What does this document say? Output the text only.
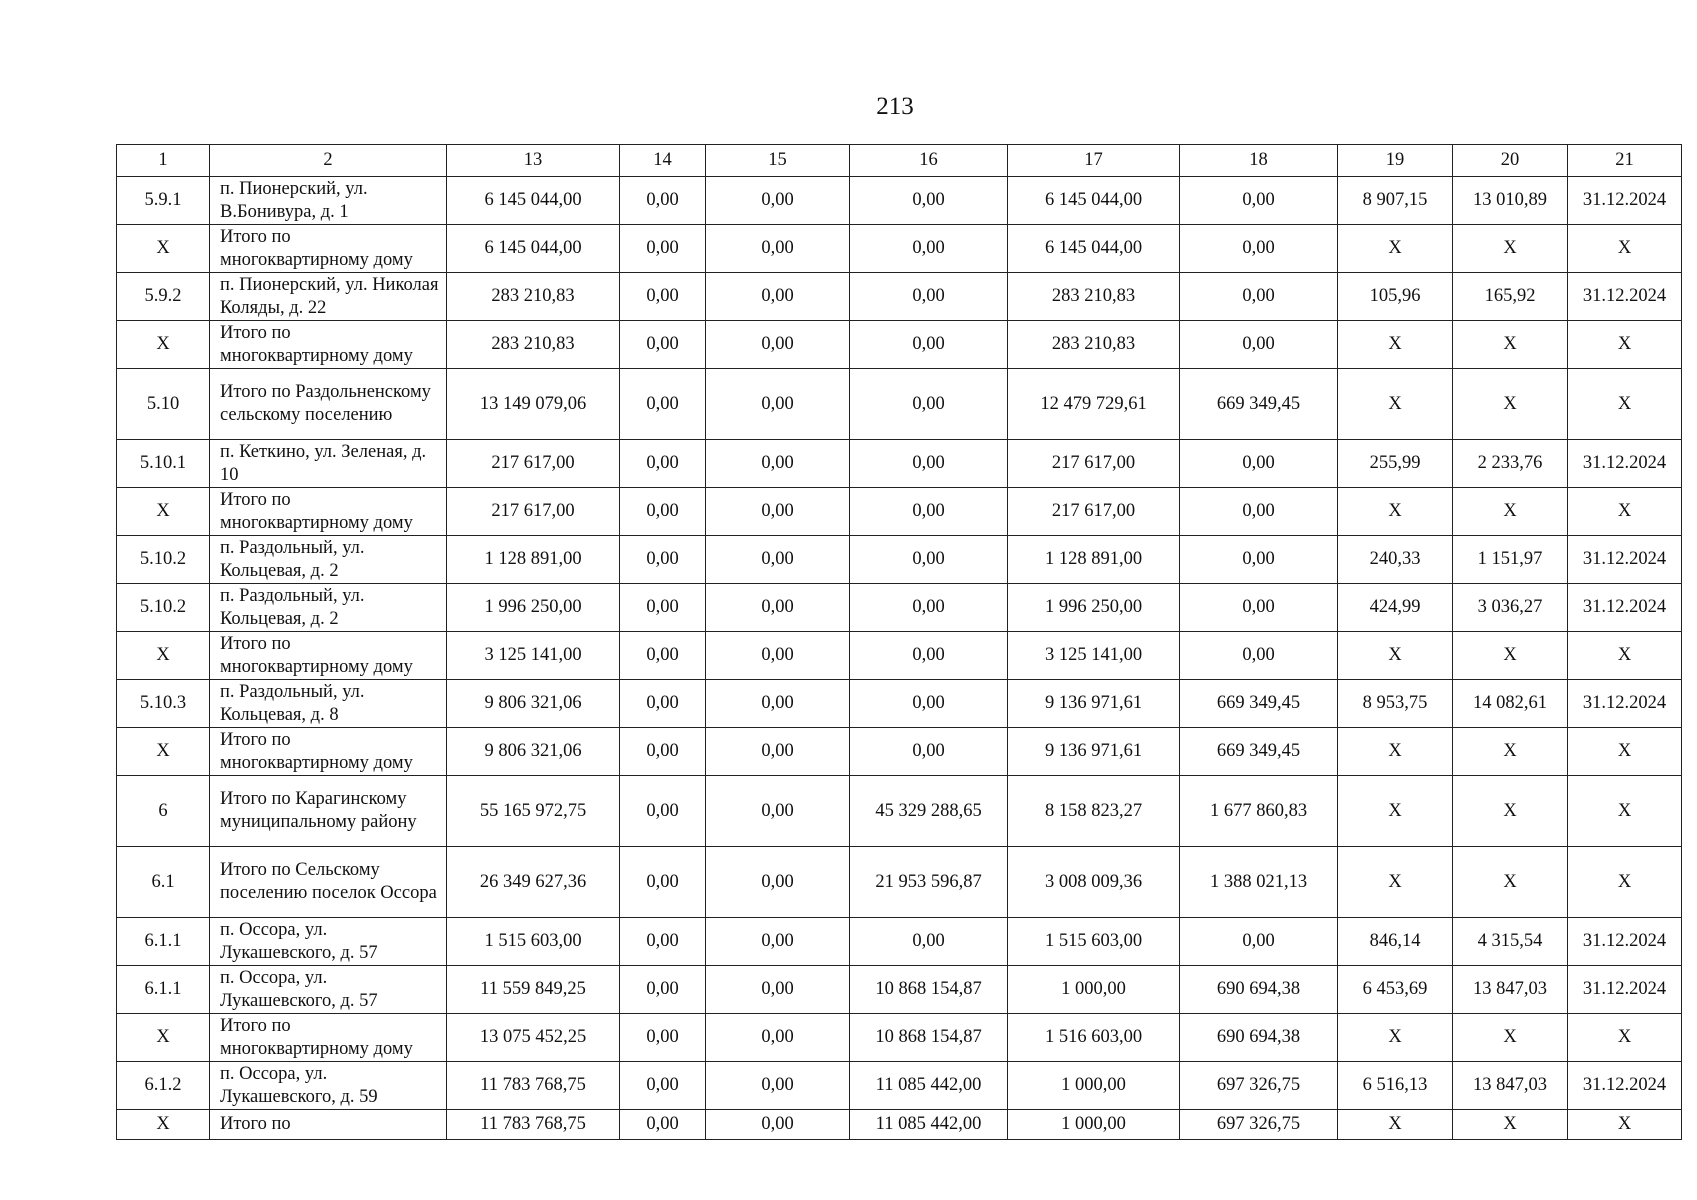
213
1	2	13	14	15	16	17	18	19	20	21
5.9.1	п. Пионерский, ул. В.Бонивура, д. 1	6 145 044,00	0,00	0,00	0,00	6 145 044,00	0,00	8 907,15	13 010,89	31.12.2024
X	Итого по многоквартирному дому	6 145 044,00	0,00	0,00	0,00	6 145 044,00	0,00	X	X	X
5.9.2	п. Пионерский, ул. Николая Коляды, д. 22	283 210,83	0,00	0,00	0,00	283 210,83	0,00	105,96	165,92	31.12.2024
X	Итого по многоквартирному дому	283 210,83	0,00	0,00	0,00	283 210,83	0,00	X	X	X
5.10	Итого по Раздольненскому сельскому поселению	13 149 079,06	0,00	0,00	0,00	12 479 729,61	669 349,45	X	X	X
5.10.1	п. Кеткино, ул. Зеленая, д. 10	217 617,00	0,00	0,00	0,00	217 617,00	0,00	255,99	2 233,76	31.12.2024
X	Итого по многоквартирному дому	217 617,00	0,00	0,00	0,00	217 617,00	0,00	X	X	X
5.10.2	п. Раздольный, ул. Кольцевая, д. 2	1 128 891,00	0,00	0,00	0,00	1 128 891,00	0,00	240,33	1 151,97	31.12.2024
5.10.2	п. Раздольный, ул. Кольцевая, д. 2	1 996 250,00	0,00	0,00	0,00	1 996 250,00	0,00	424,99	3 036,27	31.12.2024
X	Итого по многоквартирному дому	3 125 141,00	0,00	0,00	0,00	3 125 141,00	0,00	X	X	X
5.10.3	п. Раздольный, ул. Кольцевая, д. 8	9 806 321,06	0,00	0,00	0,00	9 136 971,61	669 349,45	8 953,75	14 082,61	31.12.2024
X	Итого по многоквартирному дому	9 806 321,06	0,00	0,00	0,00	9 136 971,61	669 349,45	X	X	X
6	Итого по Карагинскому муниципальному району	55 165 972,75	0,00	0,00	45 329 288,65	8 158 823,27	1 677 860,83	X	X	X
6.1	Итого по Сельскому поселению поселок Оссора	26 349 627,36	0,00	0,00	21 953 596,87	3 008 009,36	1 388 021,13	X	X	X
6.1.1	п. Оссора, ул. Лукашевского, д. 57	1 515 603,00	0,00	0,00	0,00	1 515 603,00	0,00	846,14	4 315,54	31.12.2024
6.1.1	п. Оссора, ул. Лукашевского, д. 57	11 559 849,25	0,00	0,00	10 868 154,87	1 000,00	690 694,38	6 453,69	13 847,03	31.12.2024
X	Итого по многоквартирному дому	13 075 452,25	0,00	0,00	10 868 154,87	1 516 603,00	690 694,38	X	X	X
6.1.2	п. Оссора, ул. Лукашевского, д. 59	11 783 768,75	0,00	0,00	11 085 442,00	1 000,00	697 326,75	6 516,13	13 847,03	31.12.2024
X	Итого по	11 783 768,75	0,00	0,00	11 085 442,00	1 000,00	697 326,75	X	X	X
